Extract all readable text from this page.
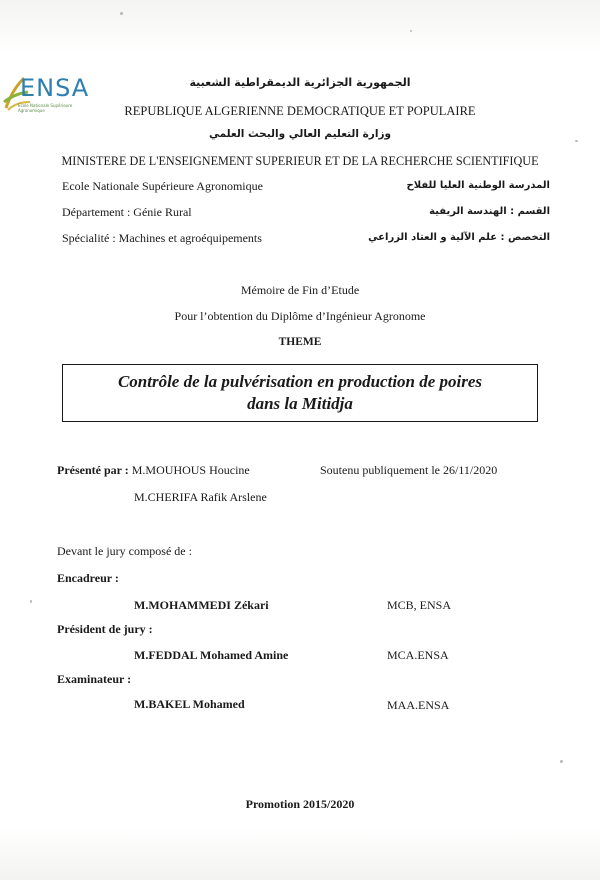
ENSA
Ecole Nationale Supérieure Agronomique
الجمهورية الجزائرية الديمقراطية الشعبية
REPUBLIQUE ALGERIENNE DEMOCRATIQUE ET POPULAIRE
وزارة التعليم العالي والبحث العلمي
MINISTERE DE L'ENSEIGNEMENT SUPERIEUR ET DE LA RECHERCHE SCIENTIFIQUE
Ecole Nationale Supérieure Agronomique	المدرسة الوطنية العليا للفلاح
Département : Génie Rural	القسم : الهندسة الريفية
Spécialité : Machines et agroéquipements	التخصص : علم الآلية و العتاد الزراعي
Mémoire de Fin d’Etude
Pour l’obtention du Diplôme d’Ingénieur Agronome
THEME
Contrôle de la pulvérisation en production de poires
dans la Mitidja
Présenté par : M.MOUHOUS Houcine	Soutenu publiquement le 26/11/2020
M.CHERIFA Rafik Arslene
Devant le jury composé de :
Encadreur :
M.MOHAMMEDI Zékari	MCB, ENSA
Président de jury :
M.FEDDAL Mohamed Amine	MCA.ENSA
Examinateur :
M.BAKEL Mohamed	MAA.ENSA
Promotion 2015/2020
